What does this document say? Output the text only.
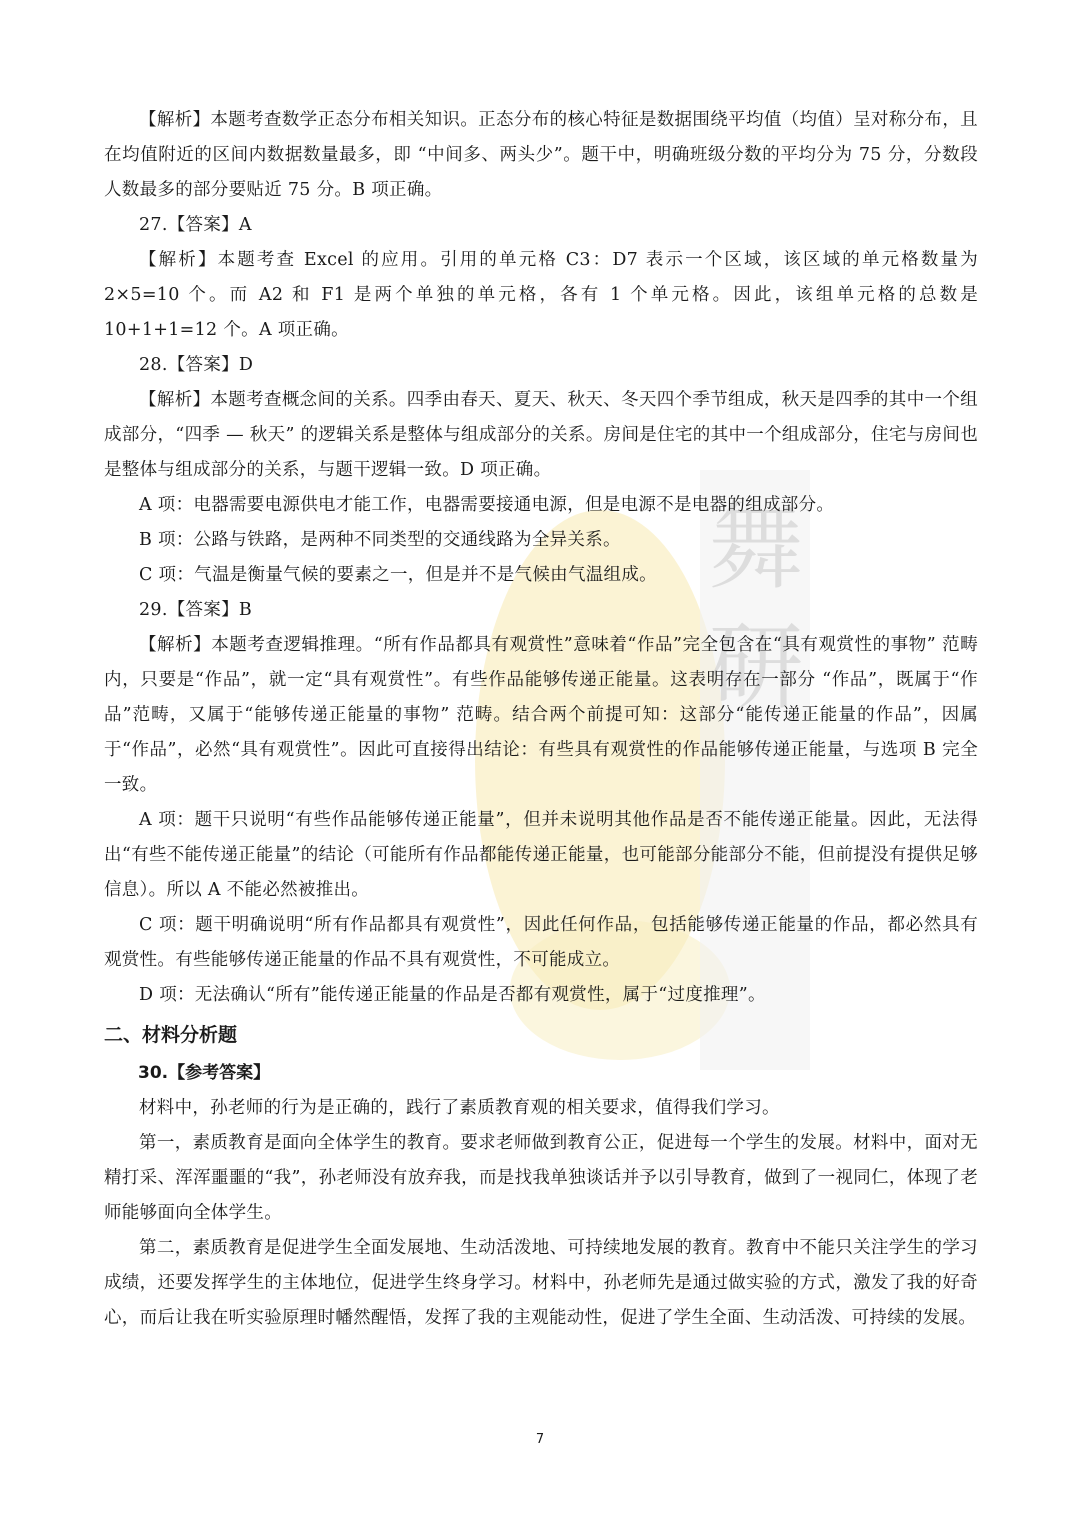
舞
研

【解析】本题考查数学正态分布相关知识。正态分布的核心特征是数据围绕平均值（均值）呈对称分布，且在均值附近的区间内数据数量最多，即 “中间多、两头少”。题干中，明确班级分数的平均分为 75 分，分数段人数最多的部分要贴近 75 分。B 项正确。

27.【答案】A

【解析】本题考查 Excel 的应用。引用的单元格 C3：D7 表示一个区域，该区域的单元格数量为 2×5=10 个。而 A2 和 F1 是两个单独的单元格，各有 1 个单元格。因此，该组单元格的总数是 10+1+1=12 个。A 项正确。

28.【答案】D

【解析】本题考查概念间的关系。四季由春天、夏天、秋天、冬天四个季节组成，秋天是四季的其中一个组成部分，“四季 — 秋天” 的逻辑关系是整体与组成部分的关系。房间是住宅的其中一个组成部分，住宅与房间也是整体与组成部分的关系，与题干逻辑一致。D 项正确。

A 项：电器需要电源供电才能工作，电器需要接通电源，但是电源不是电器的组成部分。

B 项：公路与铁路，是两种不同类型的交通线路为全异关系。

C 项：气温是衡量气候的要素之一，但是并不是气候由气温组成。

29.【答案】B

【解析】本题考查逻辑推理。“所有作品都具有观赏性”意味着“作品”完全包含在“具有观赏性的事物” 范畴内，只要是“作品”，就一定“具有观赏性”。有些作品能够传递正能量。这表明存在一部分 “作品”，既属于“作品”范畴，又属于“能够传递正能量的事物” 范畴。结合两个前提可知：这部分“能传递正能量的作品”，因属于“作品”，必然“具有观赏性”。因此可直接得出结论：有些具有观赏性的作品能够传递正能量，与选项 B 完全一致。

A 项：题干只说明“有些作品能够传递正能量”，但并未说明其他作品是否不能传递正能量。因此，无法得出“有些不能传递正能量”的结论（可能所有作品都能传递正能量，也可能部分能部分不能，但前提没有提供足够信息）。所以 A 不能必然被推出。

C 项：题干明确说明“所有作品都具有观赏性”，因此任何作品，包括能够传递正能量的作品，都必然具有观赏性。有些能够传递正能量的作品不具有观赏性，不可能成立。

D 项：无法确认“所有”能传递正能量的作品是否都有观赏性，属于“过度推理”。

二、材料分析题
30.【参考答案】

材料中，孙老师的行为是正确的，践行了素质教育观的相关要求，值得我们学习。

第一，素质教育是面向全体学生的教育。要求老师做到教育公正，促进每一个学生的发展。材料中，面对无精打采、浑浑噩噩的“我”，孙老师没有放弃我，而是找我单独谈话并予以引导教育，做到了一视同仁，体现了老师能够面向全体学生。

第二，素质教育是促进学生全面发展地、生动活泼地、可持续地发展的教育。教育中不能只关注学生的学习成绩，还要发挥学生的主体地位，促进学生终身学习。材料中，孙老师先是通过做实验的方式，激发了我的好奇心，而后让我在听实验原理时幡然醒悟，发挥了我的主观能动性，促进了学生全面、生动活泼、可持续的发展。

7
